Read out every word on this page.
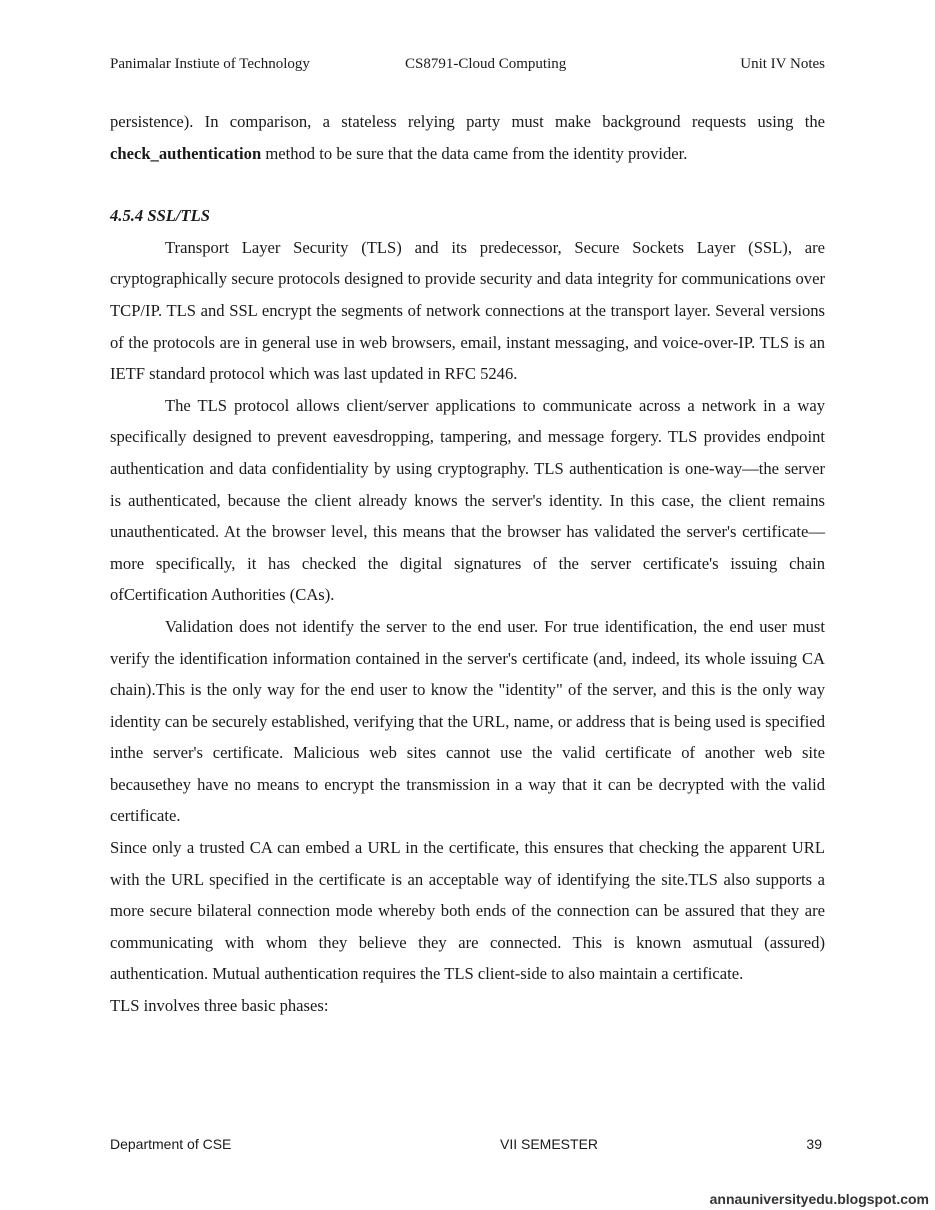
Panimalar Instiute of Technology	CS8791-Cloud Computing	Unit IV Notes

persistence). In comparison, a stateless relying party must make background requests using the check_authentication method to be sure that the data came from the identity provider.

4.5.4 SSL/TLS

Transport Layer Security (TLS) and its predecessor, Secure Sockets Layer (SSL), are cryptographically secure protocols designed to provide security and data integrity for communications over TCP/IP. TLS and SSL encrypt the segments of network connections at the transport layer. Several versions of the protocols are in general use in web browsers, email, instant messaging, and voice-over-IP. TLS is an IETF standard protocol which was last updated in RFC 5246.

The TLS protocol allows client/server applications to communicate across a network in a way specifically designed to prevent eavesdropping, tampering, and message forgery. TLS provides endpoint authentication and data confidentiality by using cryptography. TLS authentication is one-way—the server is authenticated, because the client already knows the server's identity. In this case, the client remains unauthenticated. At the browser level, this means that the browser has validated the server's certificate—more specifically, it has checked the digital signatures of the server certificate's issuing chain ofCertification Authorities (CAs).

Validation does not identify the server to the end user. For true identification, the end user must verify the identification information contained in the server's certificate (and, indeed, its whole issuing CA chain).This is the only way for the end user to know the "identity" of the server, and this is the only way identity can be securely established, verifying that the URL, name, or address that is being used is specified inthe server's certificate. Malicious web sites cannot use the valid certificate of another web site becausethey have no means to encrypt the transmission in a way that it can be decrypted with the valid certificate.

Since only a trusted CA can embed a URL in the certificate, this ensures that checking the apparent URL with the URL specified in the certificate is an acceptable way of identifying the site.TLS also supports a more secure bilateral connection mode whereby both ends of the connection can be assured that they are communicating with whom they believe they are connected. This is known asmutual (assured) authentication. Mutual authentication requires the TLS client-side to also maintain a certificate.

TLS involves three basic phases:

Department of CSE	VII SEMESTER	39
annauniversityedu.blogspot.com
